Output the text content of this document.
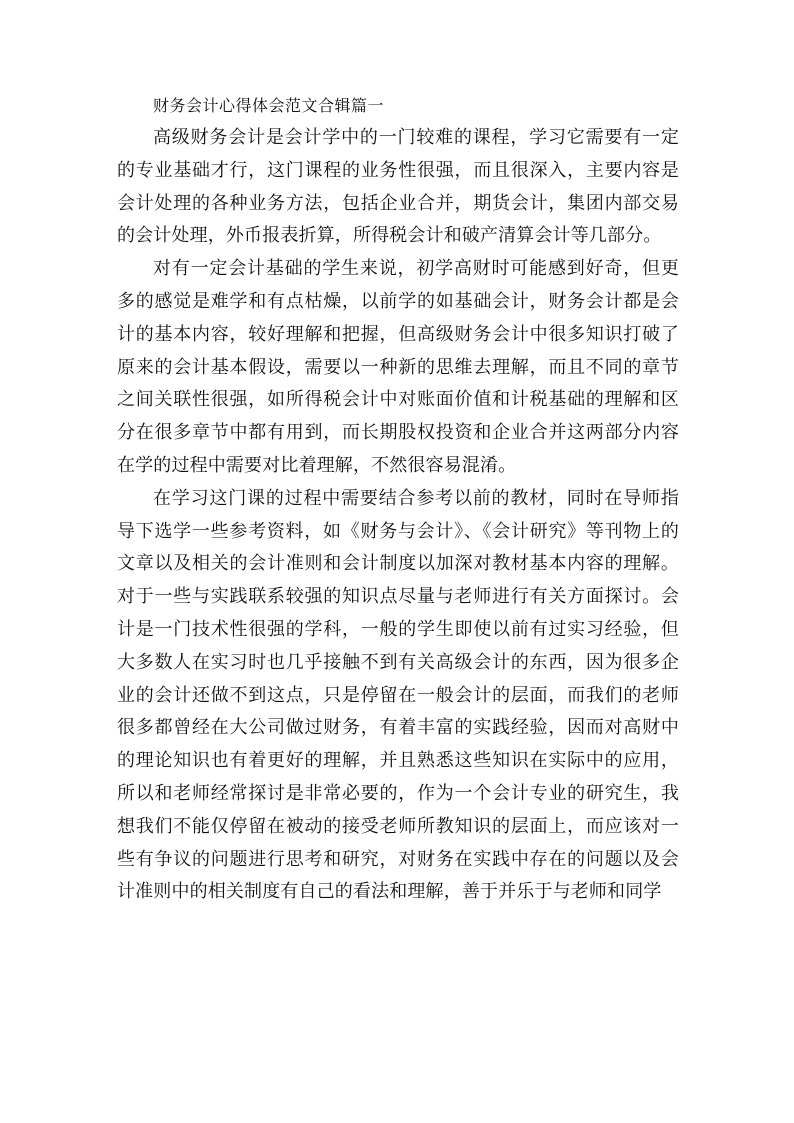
财务会计心得体会范文合辑篇一

高级财务会计是会计学中的一门较难的课程，学习它需要有一定的专业基础才行，这门课程的业务性很强，而且很深入，主要内容是会计处理的各种业务方法，包括企业合并，期货会计，集团内部交易的会计处理，外币报表折算，所得税会计和破产清算会计等几部分。

对有一定会计基础的学生来说，初学高财时可能感到好奇，但更多的感觉是难学和有点枯燥，以前学的如基础会计，财务会计都是会计的基本内容，较好理解和把握，但高级财务会计中很多知识打破了原来的会计基本假设，需要以一种新的思维去理解，而且不同的章节之间关联性很强，如所得税会计中对账面价值和计税基础的理解和区分在很多章节中都有用到，而长期股权投资和企业合并这两部分内容在学的过程中需要对比着理解，不然很容易混淆。

在学习这门课的过程中需要结合参考以前的教材，同时在导师指导下选学一些参考资料，如《财务与会计》、《会计研究》等刊物上的文章以及相关的会计准则和会计制度以加深对教材基本内容的理解。对于一些与实践联系较强的知识点尽量与老师进行有关方面探讨。会计是一门技术性很强的学科，一般的学生即使以前有过实习经验，但大多数人在实习时也几乎接触不到有关高级会计的东西，因为很多企业的会计还做不到这点，只是停留在一般会计的层面，而我们的老师很多都曾经在大公司做过财务，有着丰富的实践经验，因而对高财中的理论知识也有着更好的理解，并且熟悉这些知识在实际中的应用，所以和老师经常探讨是非常必要的，作为一个会计专业的研究生，我想我们不能仅停留在被动的接受老师所教知识的层面上，而应该对一些有争议的问题进行思考和研究，对财务在实践中存在的问题以及会计准则中的相关制度有自己的看法和理解，善于并乐于与老师和同学
